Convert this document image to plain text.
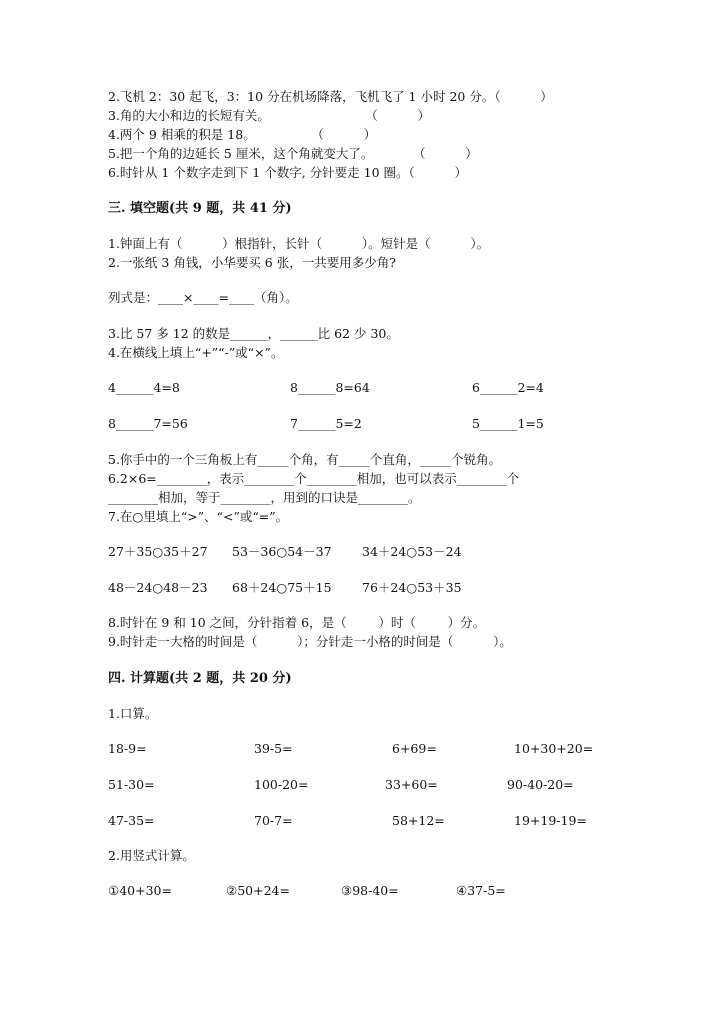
2.飞机 2：30 起飞，3：10 分在机场降落，飞机飞了 1 小时 20 分。（          ）
3.角的大小和边的长短有关。                        （          ）
4.两个 9 相乘的积是 18。              （          ）
5.把一个角的边延长 5 厘米，这个角就变大了。          （          ）
6.时针从 1 个数字走到下 1 个数字, 分针要走 10 圈。（          ）
三. 填空题(共 9 题，共 41 分)
1.钟面上有（          ）根指针，长针（          ）。短针是（          ）。
2.一张纸 3 角钱，小华要买 6 张，一共要用多少角?
列式是：____×____=____（角）。
3.比 57 多 12 的数是______，______比 62 少 30。
4.在横线上填上“+”“-”或“×”。
4______4=8	8______8=64	6______2=4
8______7=56	7______5=2	5______1=5
5.你手中的一个三角板上有_____个角，有_____个直角，_____个锐角。
6.2×6=________，表示________个________相加，也可以表示________个
________相加，等于________，用到的口诀是________。
7.在○里填上“>”、“<”或“=”。
27＋35○35＋27 53－36○54－37 34＋24○53－24
48－24○48－23 68＋24○75＋15 76＋24○53＋35
8.时针在 9 和 10 之间，分针指着 6，是（        ）时（        ）分。
9.时针走一大格的时间是（          ）；分针走一小格的时间是（          ）。
四. 计算题(共 2 题，共 20 分)
1.口算。
18-9=	39-5=	6+69=	10+30+20=
51-30=	100-20=	33+60=	90-40-20=
47-35=	70-7=	58+12=	19+19-19=
2.用竖式计算。
①40+30=	②50+24=	③98-40=	④37-5=
